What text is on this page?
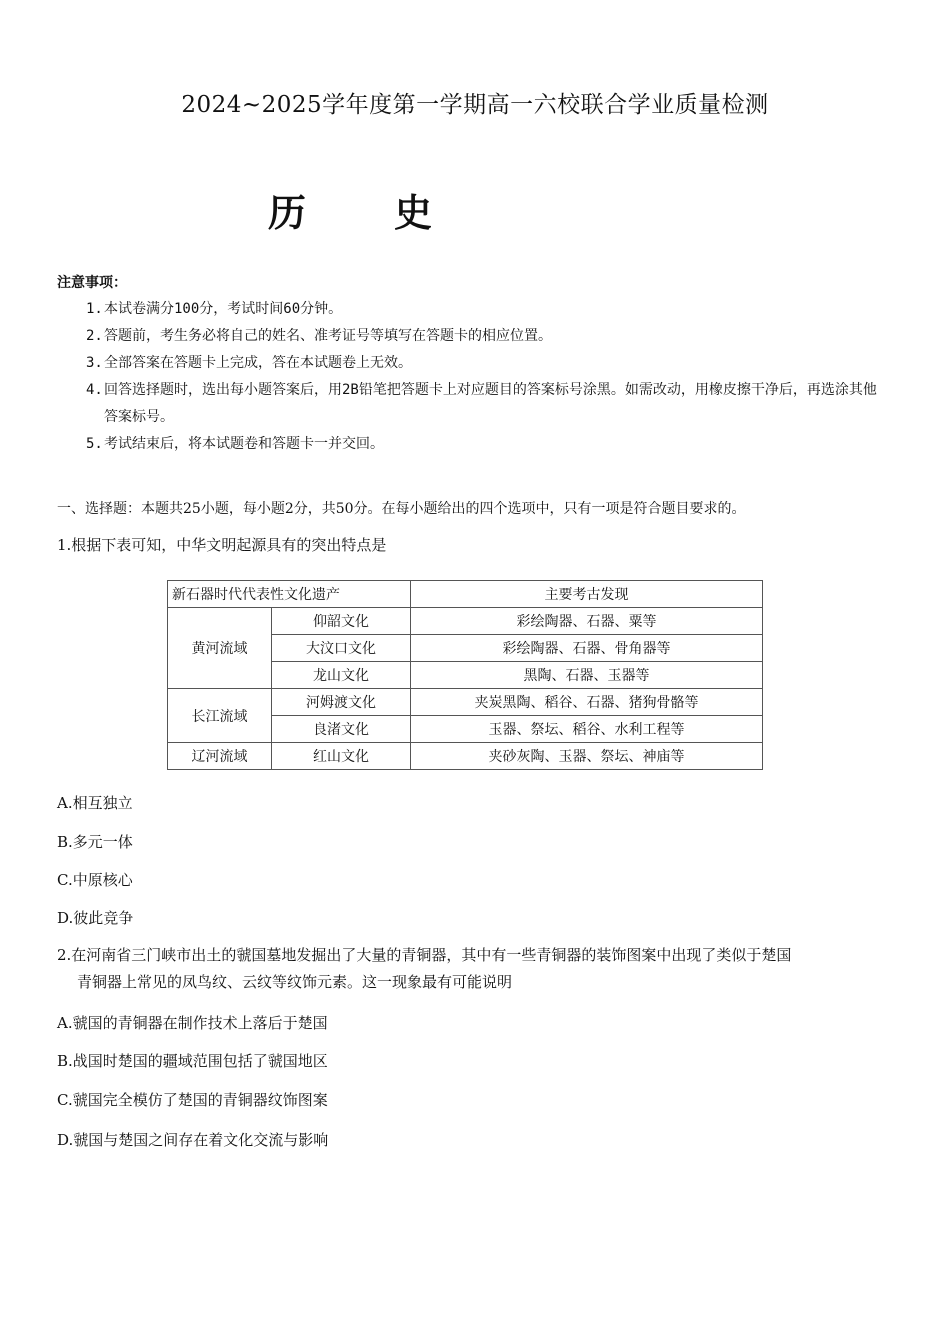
2024~2025学年度第一学期高一六校联合学业质量检测
历 史
注意事项：
1. 本试卷满分100分，考试时间60分钟。
2. 答题前，考生务必将自己的姓名、准考证号等填写在答题卡的相应位置。
3. 全部答案在答题卡上完成，答在本试题卷上无效。
4. 回答选择题时，选出每小题答案后，用2B铅笔把答题卡上对应题目的答案标号涂黑。如需改动，用橡皮擦干净后，再选涂其他答案标号。
5. 考试结束后，将本试题卷和答题卡一并交回。
一、选择题：本题共25小题，每小题2分，共50分。在每小题给出的四个选项中，只有一项是符合题目要求的。
1.根据下表可知，中华文明起源具有的突出特点是
新石器时代代表性文化遗产		主要考古发现
黄河流域	仰韶文化	彩绘陶器、石器、粟等
	大汶口文化	彩绘陶器、石器、骨角器等
	龙山文化	黑陶、石器、玉器等
长江流域	河姆渡文化	夹炭黑陶、稻谷、石器、猪狗骨骼等
	良渚文化	玉器、祭坛、稻谷、水利工程等
辽河流域	红山文化	夹砂灰陶、玉器、祭坛、神庙等
A.相互独立
B.多元一体
C.中原核心
D.彼此竞争
2.在河南省三门峡市出土的虢国墓地发掘出了大量的青铜器，其中有一些青铜器的装饰图案中出现了类似于楚国
青铜器上常见的凤鸟纹、云纹等纹饰元素。这一现象最有可能说明
A.虢国的青铜器在制作技术上落后于楚国
B.战国时楚国的疆域范围包括了虢国地区
C.虢国完全模仿了楚国的青铜器纹饰图案
D.虢国与楚国之间存在着文化交流与影响
